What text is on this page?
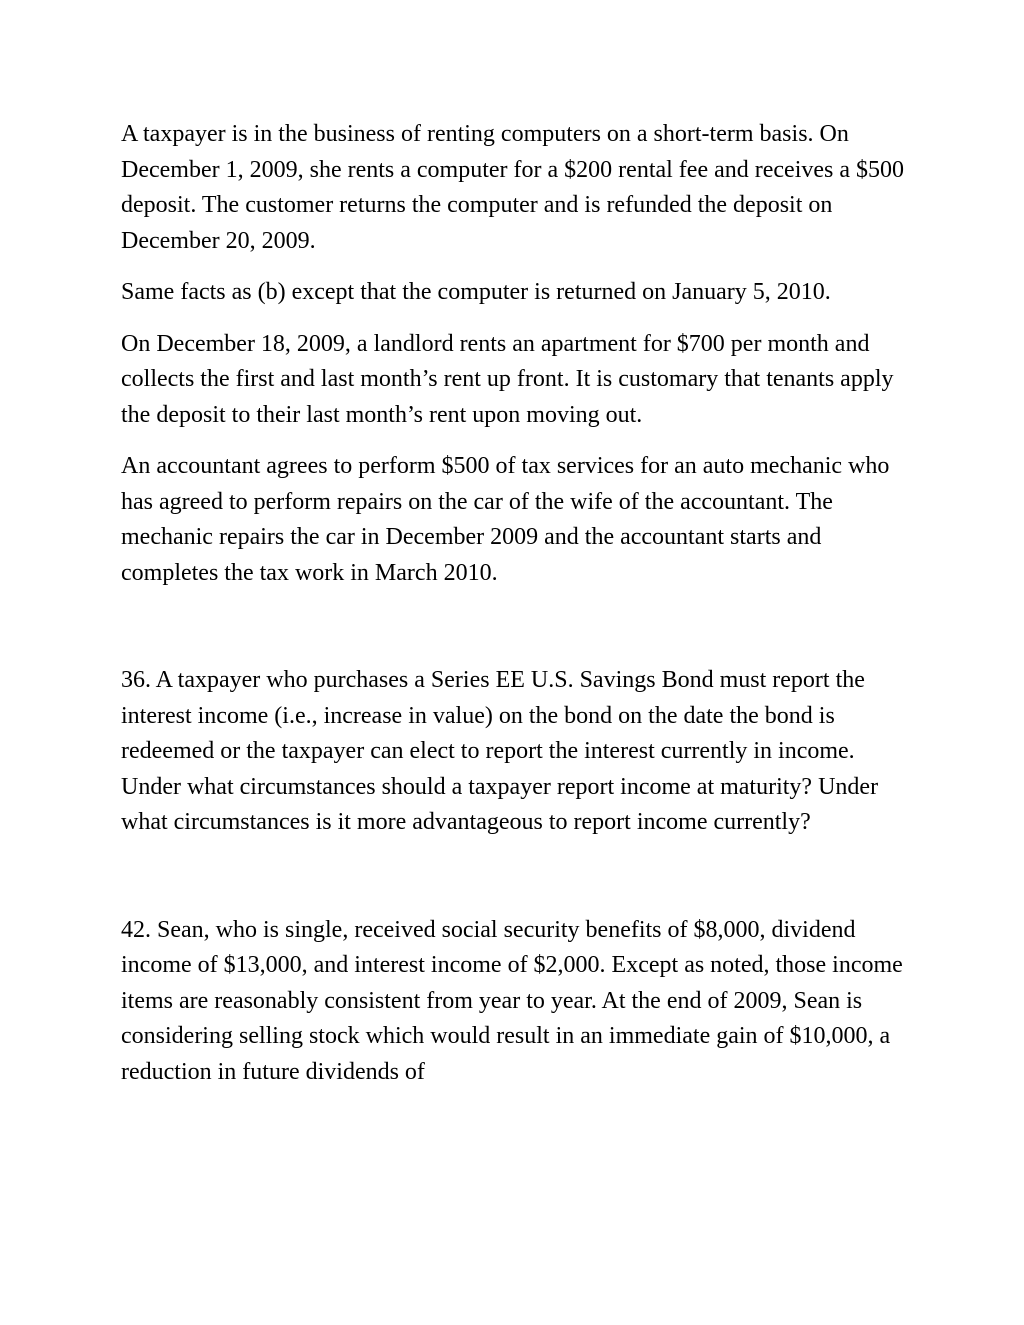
A taxpayer is in the business of renting computers on a short-term basis. On December 1, 2009, she rents a computer for a $200 rental fee and receives a $500 deposit. The customer returns the computer and is refunded the deposit on December 20, 2009.

Same facts as (b) except that the computer is returned on January 5, 2010.

On December 18, 2009, a landlord rents an apartment for $700 per month and collects the first and last month’s rent up front. It is customary that tenants apply the deposit to their last month’s rent upon moving out.

An accountant agrees to perform $500 of tax services for an auto mechanic who has agreed to perform repairs on the car of the wife of the accountant. The mechanic repairs the car in December 2009 and the accountant starts and completes the tax work in March 2010.

36. A taxpayer who purchases a Series EE U.S. Savings Bond must report the interest income (i.e., increase in value) on the bond on the date the bond is redeemed or the taxpayer can elect to report the interest currently in income. Under what circumstances should a taxpayer report income at maturity? Under what circumstances is it more advantageous to report income currently?

42. Sean, who is single, received social security benefits of $8,000, dividend income of $13,000, and interest income of $2,000. Except as noted, those income items are reasonably consistent from year to year. At the end of 2009, Sean is considering selling stock which would result in an immediate gain of $10,000, a reduction in future dividends of
